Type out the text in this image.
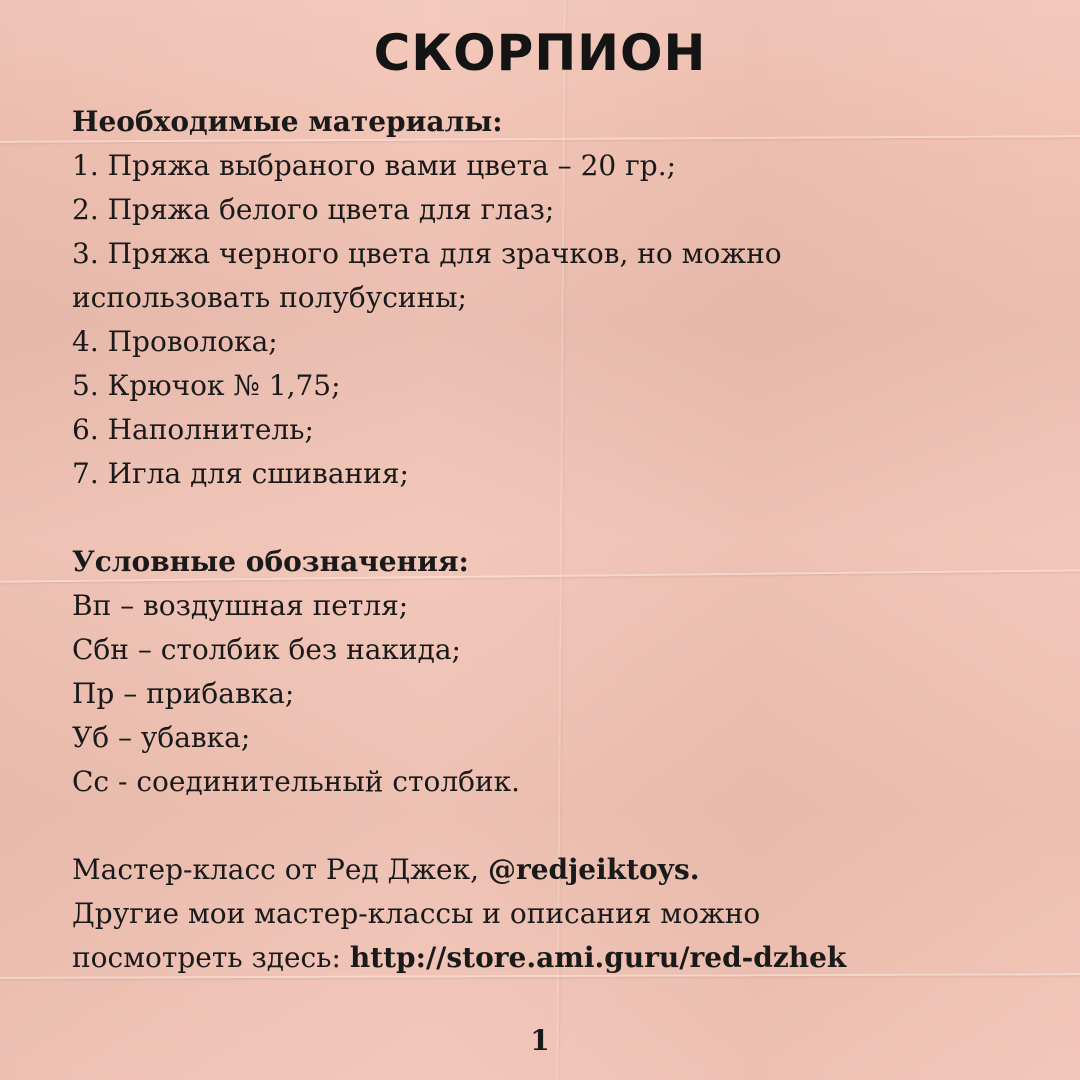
СКОРПИОН
Необходимые материалы:
1. Пряжа выбраного вами цвета – 20 гр.;
2. Пряжа белого цвета для глаз;
3. Пряжа черного цвета для зрачков, но можно
использовать полубусины;
4. Проволока;
5. Крючок № 1,75;
6. Наполнитель;
7. Игла для сшивания;
Условные обозначения:
Вп – воздушная петля;
Сбн – столбик без накида;
Пр – прибавка;
Уб – убавка;
Сс - соединительный столбик.
Мастер-класс от Ред Джек, @redjeiktoys.
Другие мои мастер-классы и описания можно
посмотреть здесь: http://store.ami.guru/red-dzhek
1
